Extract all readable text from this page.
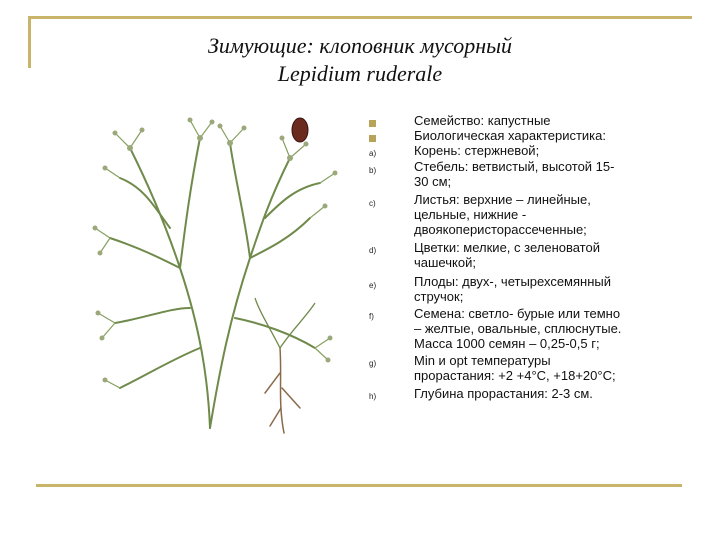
Зимующие: клоповник мусорный
Lepidium ruderale
Семейство: капустные
Биологическая характеристика:
a)	Корень: стержневой;
b)	Стебель: ветвистый, высотой 15-
30 см;
c)	Листья: верхние – линейные,
цельные, нижние -
двоякоперисторассеченные;
d)	Цветки: мелкие, с зеленоватой
чашечкой;
e)	Плоды: двух-, четырехсемянный
стручок;
f)	Семена: светло- бурые или темно
– желтые, овальные, сплюснутые.
Масса 1000 семян – 0,25-0,5 г;
g)	Min и opt температуры
прорастания: +2 +4°С, +18+20°С;
h)	Глубина прорастания: 2-3 см.
